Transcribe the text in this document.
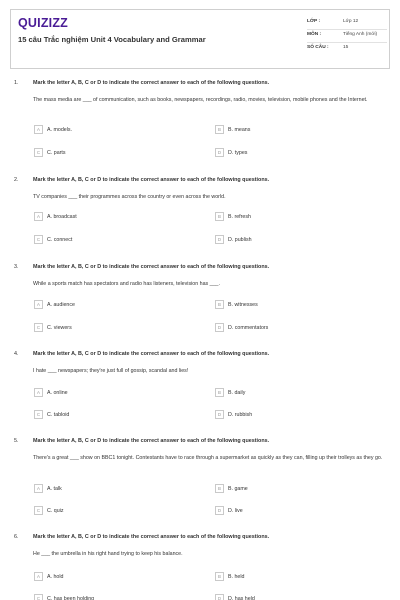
QUIZIZZ
15 câu Trắc nghiệm Unit 4 Vocabulary and Grammar
LỚP :	Lớp 12
MÔN :	Tiếng Anh (mới)
SỐ CÂU :	15
1.	Mark the letter A, B, C or D to indicate the correct answer to each of the following questions.
The mass media are ___ of communication, such as books, newspapers, recordings, radio, movies, television, mobile phones and the Internet.
A	A. models.	B	B. means
C	C. parts	D	D. types
2.	Mark the letter A, B, C or D to indicate the correct answer to each of the following questions.
TV companies ___ their programmes across the country or even across the world.
A	A. broadcast	B	B. refresh
C	C. connect	D	D. publish
3.	Mark the letter A, B, C or D to indicate the correct answer to each of the following questions.
While a sports match has spectators and radio has listeners, television has ___.
A	A. audience	B	B. witnesses
C	C. viewers	D	D. commentators
4.	Mark the letter A, B, C or D to indicate the correct answer to each of the following questions.
I hate ___ newspapers; they're just full of gossip, scandal and lies!
A	A. online	B	B. daily
C	C. tabloid	D	D. rubbish
5.	Mark the letter A, B, C or D to indicate the correct answer to each of the following questions.
There's a great ___ show on BBC1 tonight. Contestants have to race through a supermarket as quickly as they can, filling up their trolleys as they go.
A	A. talk	B	B. game
C	C. quiz	D	D. live
6.	Mark the letter A, B, C or D to indicate the correct answer to each of the following questions.
He ___ the umbrella in his right hand trying to keep his balance.
A	A. hold	B	B. held
C	C. has been holding	D	D. has held
